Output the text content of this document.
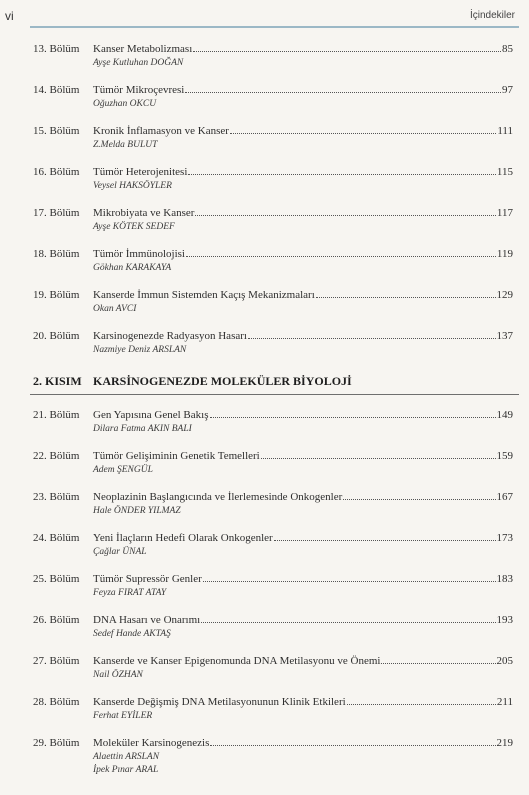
vi	İçindekiler
13. Bölüm Kanser Metabolizması	85
Ayşe Kutluhan DOĞAN
14. Bölüm Tümör Mikroçevresi	97
Oğuzhan OKCU
15. Bölüm Kronik İnflamasyon ve Kanser	111
Z.Melda BULUT
16. Bölüm Tümör Heterojenitesi	115
Veysel HAKSÖYLER
17. Bölüm Mikrobiyata ve Kanser	117
Ayşe KÖTEK SEDEF
18. Bölüm Tümör İmmünolojisi	119
Gökhan KARAKAYA
19. Bölüm Kanserde İmmun Sistemden Kaçış Mekanizmaları	129
Okan AVCI
20. Bölüm Karsinogenezde Radyasyon Hasarı	137
Nazmiye Deniz ARSLAN
2. KISIM KARSİNOGENEZDE MOLEKÜLER BİYOLOJİ
21. Bölüm Gen Yapısına Genel Bakış	149
Dilara Fatma AKIN BALI
22. Bölüm Tümör Gelişiminin Genetik Temelleri	159
Adem ŞENGÜL
23. Bölüm Neoplazinin Başlangıcında ve İlerlemesinde Onkogenler	167
Hale ÖNDER YILMAZ
24. Bölüm Yeni İlaçların Hedefi Olarak Onkogenler	173
Çağlar ÜNAL
25. Bölüm Tümör Supressör Genler	183
Feyza FIRAT ATAY
26. Bölüm DNA Hasarı ve Onarımı	193
Sedef Hande AKTAŞ
27. Bölüm Kanserde ve Kanser Epigenomunda DNA Metilasyonu ve Önemi	205
Nail ÖZHAN
28. Bölüm Kanserde Değişmiş DNA Metilasyonunun Klinik Etkileri	211
Ferhat EYİLER
29. Bölüm Moleküler Karsinogenezis	219
Alaettin ARSLAN
İpek Pınar ARAL
